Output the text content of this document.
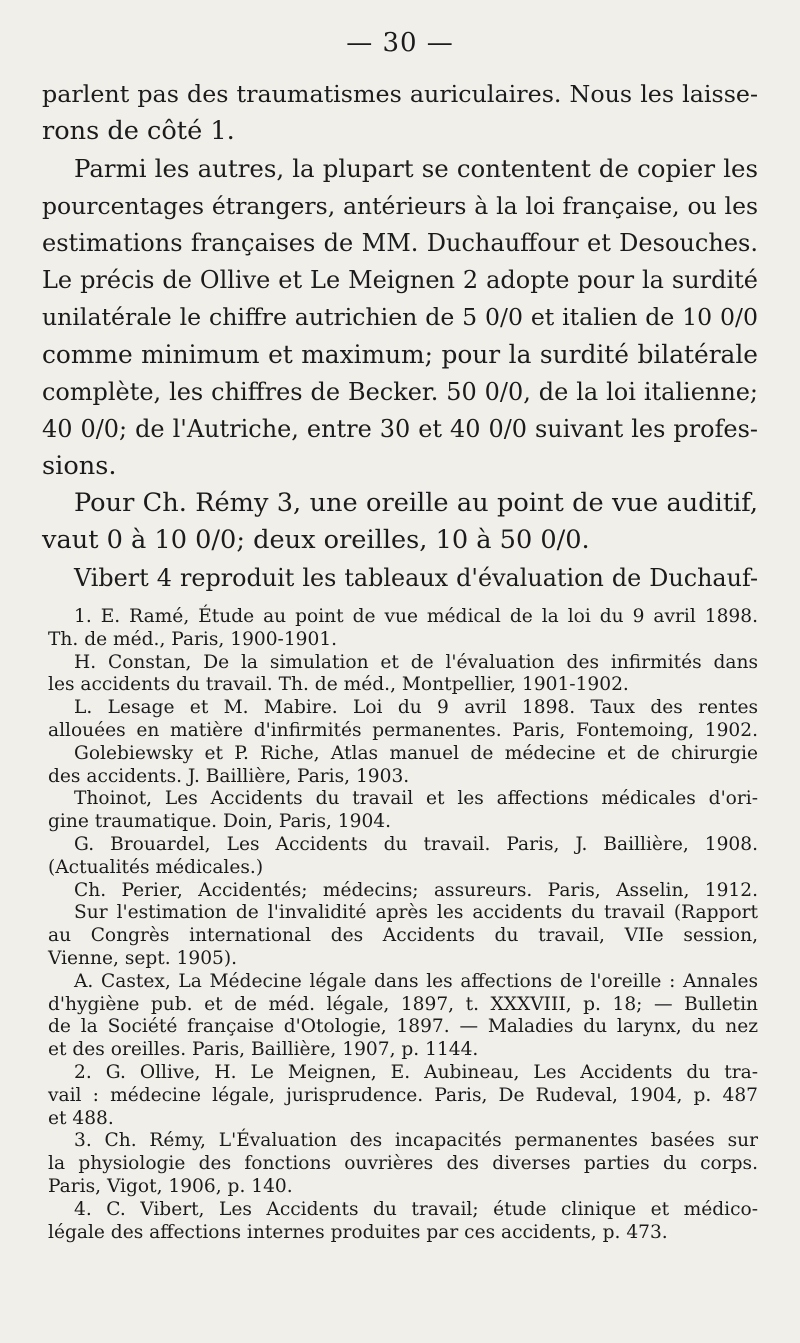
— 30 —
parlent pas des traumatismes auriculaires. Nous les laisse-
rons de côté 1.
Parmi les autres, la plupart se contentent de copier les
pourcentages étrangers, antérieurs à la loi française, ou les
estimations françaises de MM. Duchauffour et Desouches.
Le précis de Ollive et Le Meignen 2 adopte pour la surdité
unilatérale le chiffre autrichien de 5 0/0 et italien de 10 0/0
comme minimum et maximum; pour la surdité bilatérale
complète, les chiffres de Becker. 50 0/0, de la loi italienne;
40 0/0; de l'Autriche, entre 30 et 40 0/0 suivant les profes-
sions.
Pour Ch. Rémy 3, une oreille au point de vue auditif,
vaut 0 à 10 0/0; deux oreilles, 10 à 50 0/0.
Vibert 4 reproduit les tableaux d'évaluation de Duchauf-
1. E. Ramé, Étude au point de vue médical de la loi du 9 avril 1898.
Th. de méd., Paris, 1900-1901.
H. Constan, De la simulation et de l'évaluation des infirmités dans
les accidents du travail. Th. de méd., Montpellier, 1901-1902.
L. Lesage et M. Mabire. Loi du 9 avril 1898. Taux des rentes
allouées en matière d'infirmités permanentes. Paris, Fontemoing, 1902.
Golebiewsky et P. Riche, Atlas manuel de médecine et de chirurgie
des accidents. J. Baillière, Paris, 1903.
Thoinot, Les Accidents du travail et les affections médicales d'ori-
gine traumatique. Doin, Paris, 1904.
G. Brouardel, Les Accidents du travail. Paris, J. Baillière, 1908.
(Actualités médicales.)
Ch. Perier, Accidentés; médecins; assureurs. Paris, Asselin, 1912.
Sur l'estimation de l'invalidité après les accidents du travail (Rapport
au Congrès international des Accidents du travail, VIIe session,
Vienne, sept. 1905).
A. Castex, La Médecine légale dans les affections de l'oreille : Annales
d'hygiène pub. et de méd. légale, 1897, t. XXXVIII, p. 18; — Bulletin
de la Société française d'Otologie, 1897. — Maladies du larynx, du nez
et des oreilles. Paris, Baillière, 1907, p. 1144.
2. G. Ollive, H. Le Meignen, E. Aubineau, Les Accidents du tra-
vail : médecine légale, jurisprudence. Paris, De Rudeval, 1904, p. 487
et 488.
3. Ch. Rémy, L'Évaluation des incapacités permanentes basées sur
la physiologie des fonctions ouvrières des diverses parties du corps.
Paris, Vigot, 1906, p. 140.
4. C. Vibert, Les Accidents du travail; étude clinique et médico-
légale des affections internes produites par ces accidents, p. 473.
